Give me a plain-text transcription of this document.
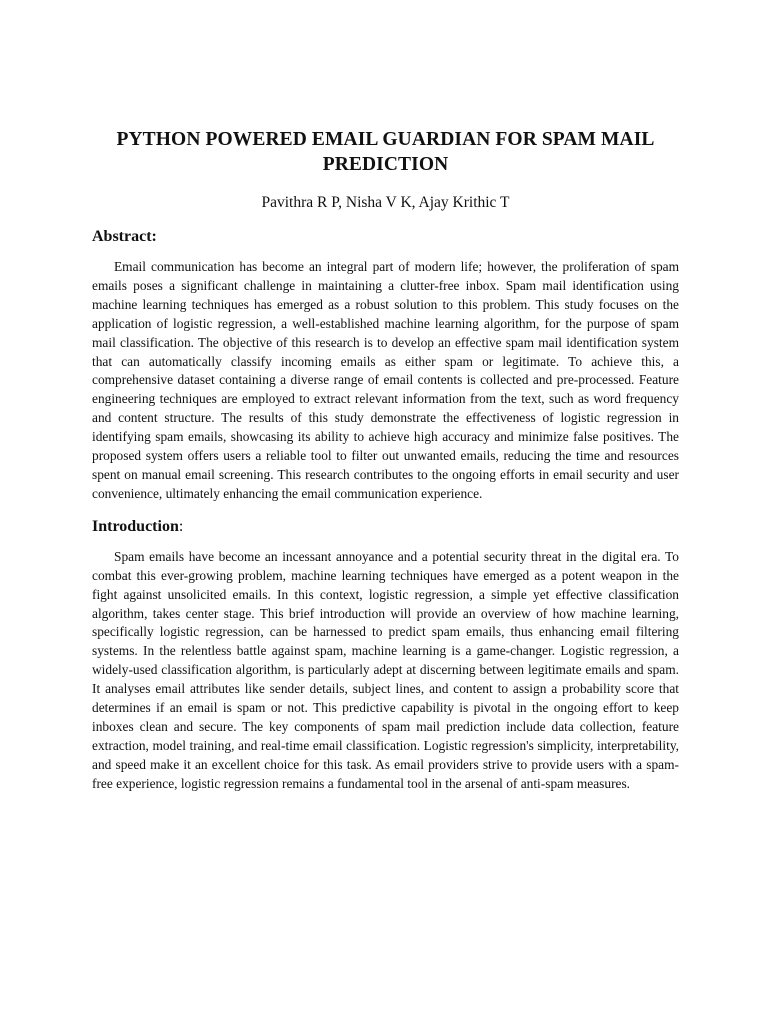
PYTHON POWERED EMAIL GUARDIAN FOR SPAM MAIL PREDICTION

Pavithra R P, Nisha V K, Ajay Krithic T

Abstract:

Email communication has become an integral part of modern life; however, the proliferation of spam emails poses a significant challenge in maintaining a clutter-free inbox. Spam mail identification using machine learning techniques has emerged as a robust solution to this problem. This study focuses on the application of logistic regression, a well-established machine learning algorithm, for the purpose of spam mail classification. The objective of this research is to develop an effective spam mail identification system that can automatically classify incoming emails as either spam or legitimate. To achieve this, a comprehensive dataset containing a diverse range of email contents is collected and pre-processed. Feature engineering techniques are employed to extract relevant information from the text, such as word frequency and content structure. The results of this study demonstrate the effectiveness of logistic regression in identifying spam emails, showcasing its ability to achieve high accuracy and minimize false positives. The proposed system offers users a reliable tool to filter out unwanted emails, reducing the time and resources spent on manual email screening. This research contributes to the ongoing efforts in email security and user convenience, ultimately enhancing the email communication experience.

Introduction:

Spam emails have become an incessant annoyance and a potential security threat in the digital era. To combat this ever-growing problem, machine learning techniques have emerged as a potent weapon in the fight against unsolicited emails. In this context, logistic regression, a simple yet effective classification algorithm, takes center stage. This brief introduction will provide an overview of how machine learning, specifically logistic regression, can be harnessed to predict spam emails, thus enhancing email filtering systems. In the relentless battle against spam, machine learning is a game-changer. Logistic regression, a widely-used classification algorithm, is particularly adept at discerning between legitimate emails and spam. It analyses email attributes like sender details, subject lines, and content to assign a probability score that determines if an email is spam or not. This predictive capability is pivotal in the ongoing effort to keep inboxes clean and secure. The key components of spam mail prediction include data collection, feature extraction, model training, and real-time email classification. Logistic regression's simplicity, interpretability, and speed make it an excellent choice for this task. As email providers strive to provide users with a spam-free experience, logistic regression remains a fundamental tool in the arsenal of anti-spam measures.
